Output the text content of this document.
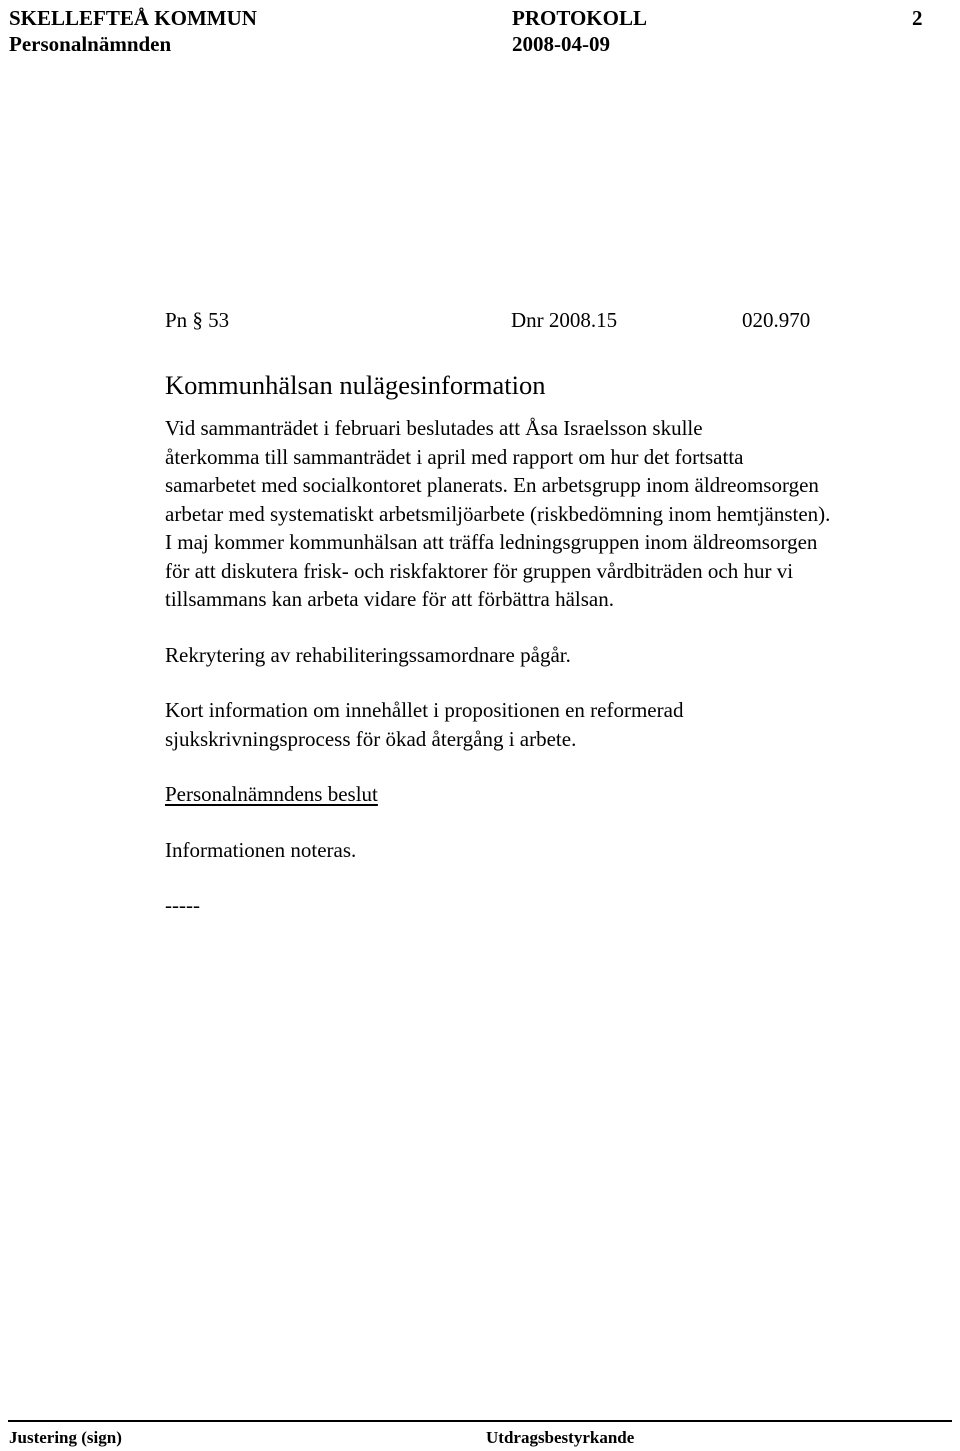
SKELLEFTEÅ KOMMUN	PROTOKOLL	2
Personalnämnden	2008-04-09
Pn § 53	Dnr 2008.15	020.970
Kommunhälsan nulägesinformation

Vid sammanträdet i februari beslutades att Åsa Israelsson skulle

återkomma till sammanträdet i april med rapport om hur det fortsatta

samarbetet med socialkontoret planerats. En arbetsgrupp inom äldreomsorgen

arbetar med systematiskt arbetsmiljöarbete (riskbedömning inom hemtjänsten).

I maj kommer kommunhälsan att träffa ledningsgruppen inom äldreomsorgen

för att diskutera frisk- och riskfaktorer för gruppen vårdbiträden och hur vi

tillsammans kan arbeta vidare för att förbättra hälsan.

Rekrytering av rehabiliteringssamordnare pågår.

Kort information om innehållet i propositionen en reformerad

sjukskrivningsprocess för ökad återgång i arbete.

Personalnämndens beslut

Informationen noteras.

-----

Justering (sign)	Utdragsbestyrkande
